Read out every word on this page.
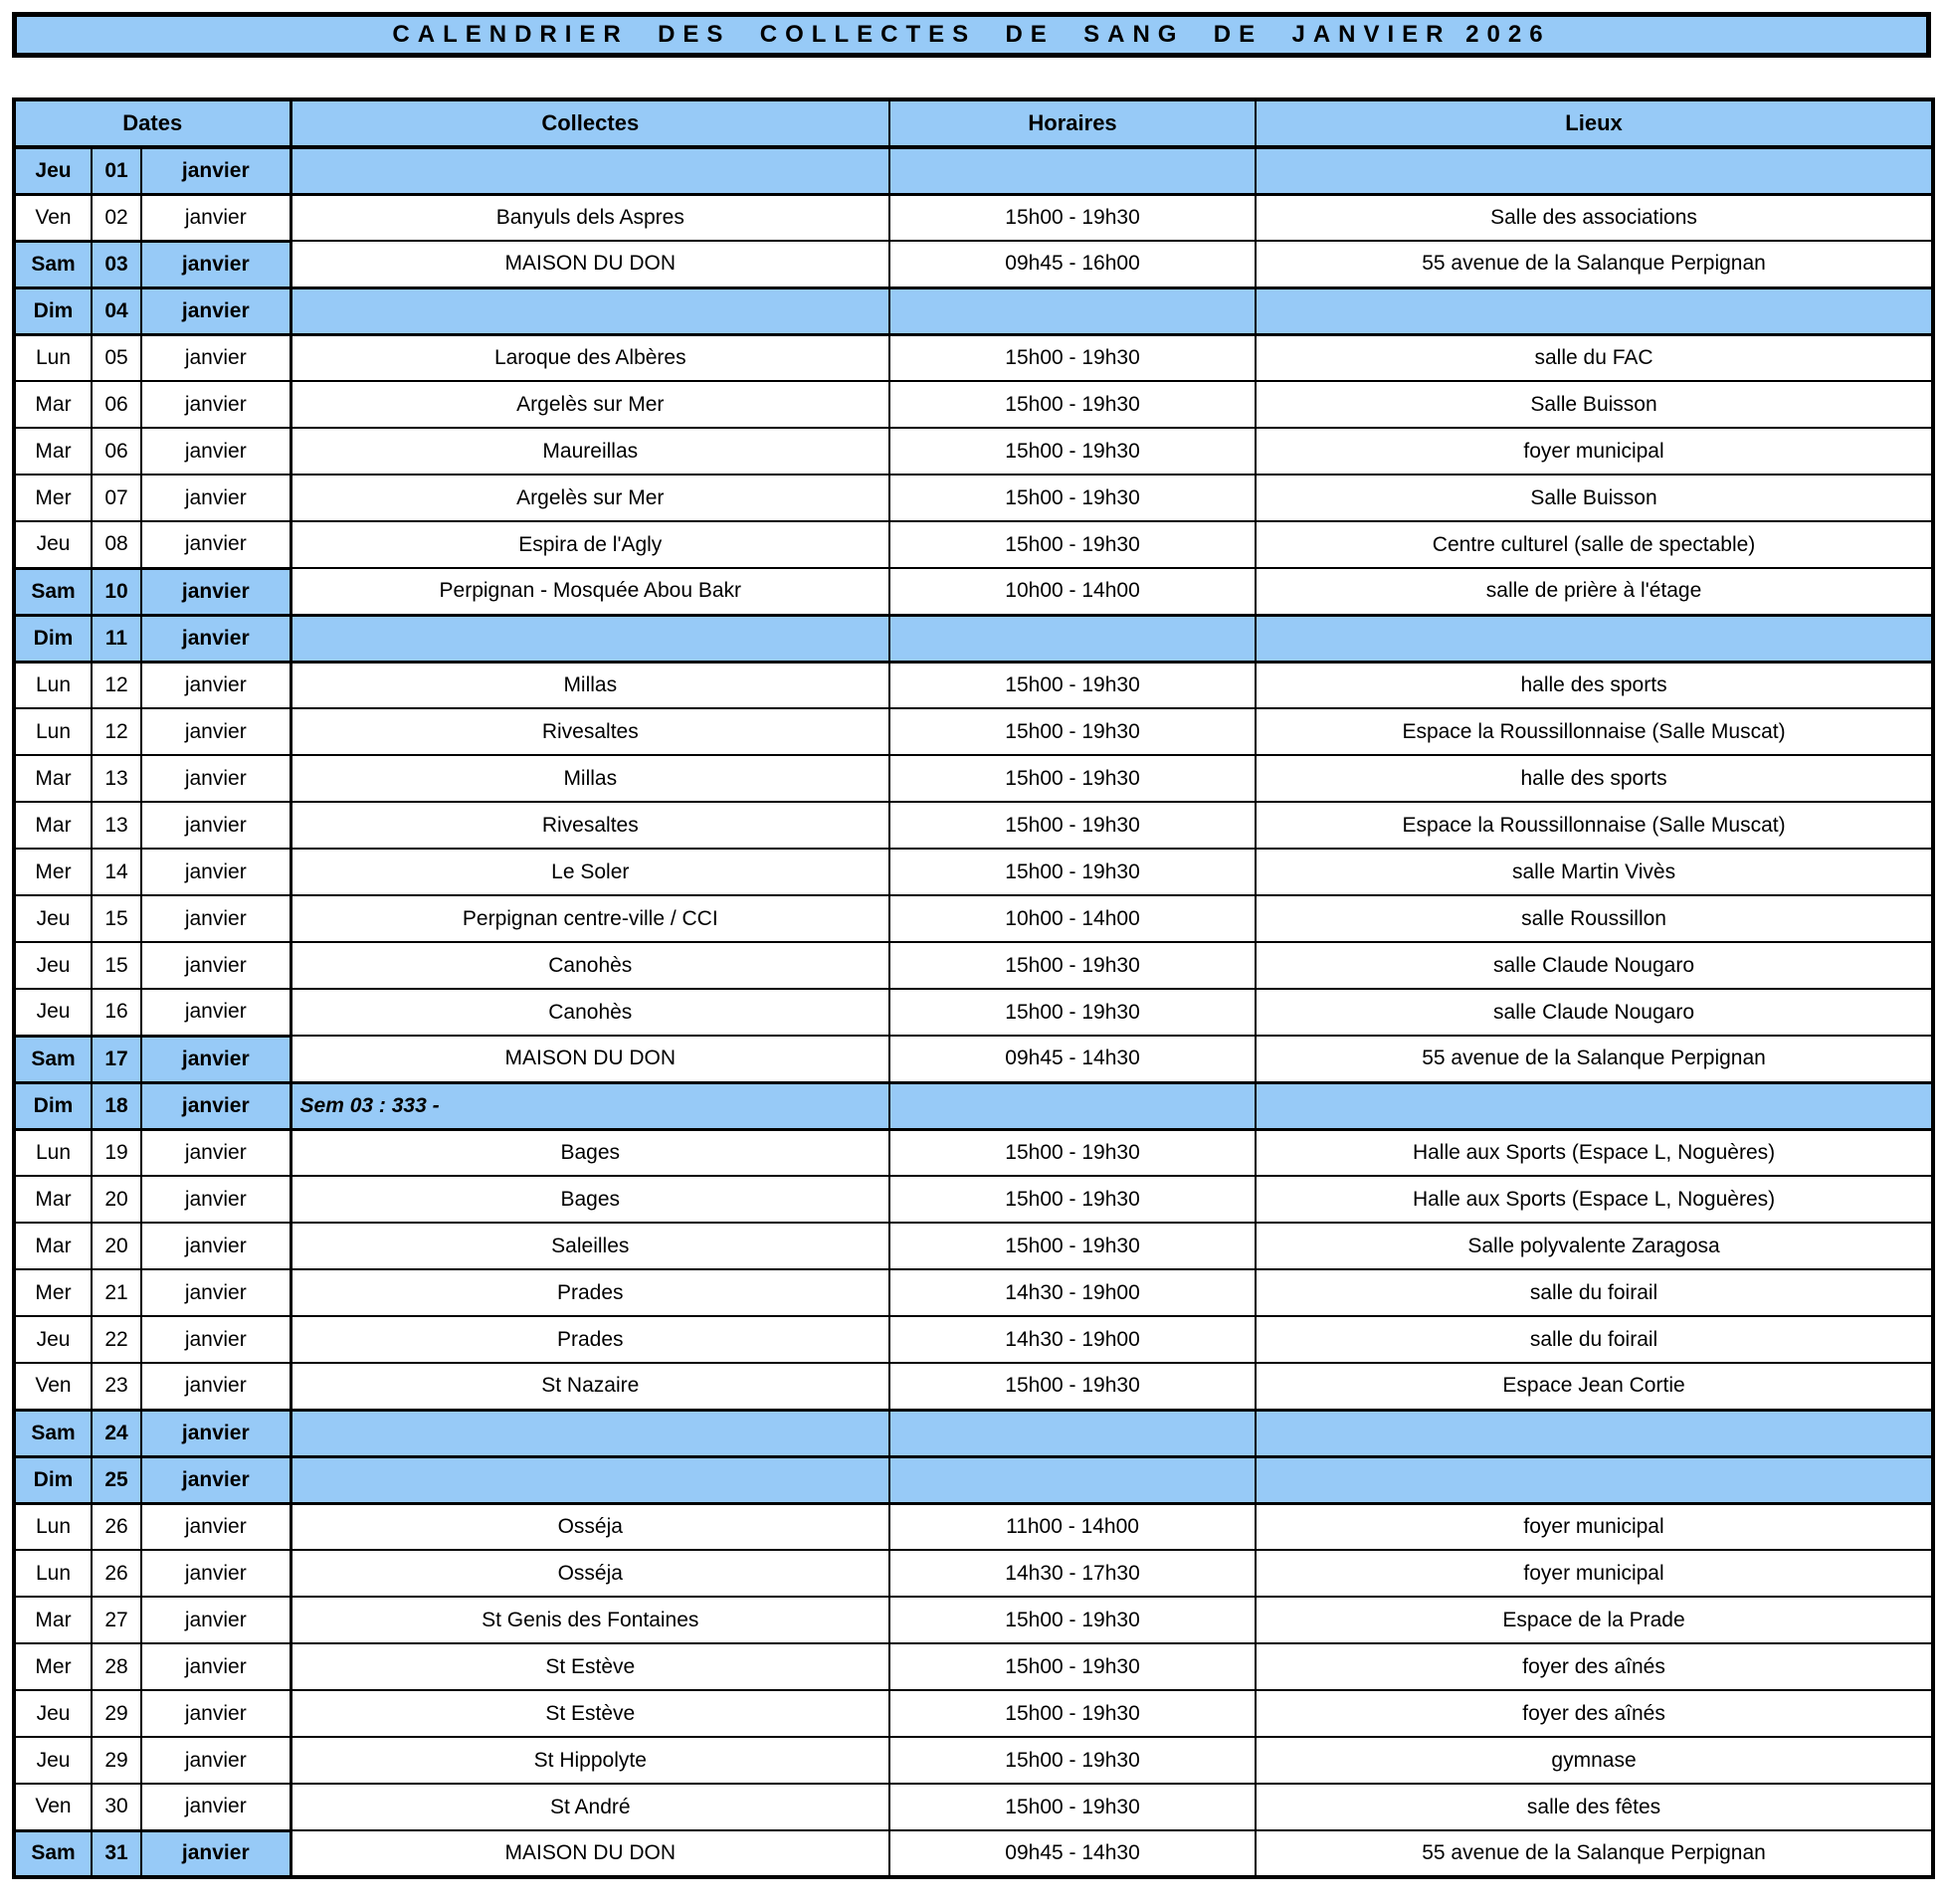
CALENDRIER  DES  COLLECTES  DE  SANG  DE  JANVIER 2026
Dates			Collectes	Horaires	Lieux
Jeu	01	janvier			
Ven	02	janvier	Banyuls dels Aspres	15h00 - 19h30	Salle des associations
Sam	03	janvier	MAISON DU DON	09h45 - 16h00	55 avenue de la Salanque Perpignan
Dim	04	janvier			
Lun	05	janvier	Laroque des Albères	15h00 - 19h30	salle du FAC
Mar	06	janvier	Argelès sur Mer	15h00 - 19h30	Salle Buisson
Mar	06	janvier	Maureillas	15h00 - 19h30	foyer municipal
Mer	07	janvier	Argelès sur Mer	15h00 - 19h30	Salle Buisson
Jeu	08	janvier	Espira de l'Agly	15h00 - 19h30	Centre culturel (salle de spectable)
Sam	10	janvier	Perpignan - Mosquée Abou Bakr	10h00 - 14h00	salle de prière à l'étage
Dim	11	janvier			
Lun	12	janvier	Millas	15h00 - 19h30	halle des sports
Lun	12	janvier	Rivesaltes	15h00 - 19h30	Espace la Roussillonnaise (Salle Muscat)
Mar	13	janvier	Millas	15h00 - 19h30	halle des sports
Mar	13	janvier	Rivesaltes	15h00 - 19h30	Espace la Roussillonnaise (Salle Muscat)
Mer	14	janvier	Le Soler	15h00 - 19h30	salle Martin Vivès
Jeu	15	janvier	Perpignan centre-ville / CCI	10h00 - 14h00	salle Roussillon
Jeu	15	janvier	Canohès	15h00 - 19h30	salle Claude Nougaro
Jeu	16	janvier	Canohès	15h00 - 19h30	salle Claude Nougaro
Sam	17	janvier	MAISON DU DON	09h45 - 14h30	55 avenue de la Salanque Perpignan
Dim	18	janvier	Sem 03 : 333 -		
Lun	19	janvier	Bages	15h00 - 19h30	Halle aux Sports (Espace L, Noguères)
Mar	20	janvier	Bages	15h00 - 19h30	Halle aux Sports (Espace L, Noguères)
Mar	20	janvier	Saleilles	15h00 - 19h30	Salle polyvalente Zaragosa
Mer	21	janvier	Prades	14h30 - 19h00	salle du foirail
Jeu	22	janvier	Prades	14h30 - 19h00	salle du foirail
Ven	23	janvier	St Nazaire	15h00 - 19h30	Espace Jean Cortie
Sam	24	janvier			
Dim	25	janvier			
Lun	26	janvier	Osséja	11h00 - 14h00	foyer municipal
Lun	26	janvier	Osséja	14h30 - 17h30	foyer municipal
Mar	27	janvier	St Genis des Fontaines	15h00 - 19h30	Espace de la Prade
Mer	28	janvier	St Estève	15h00 - 19h30	foyer des aînés
Jeu	29	janvier	St Estève	15h00 - 19h30	foyer des aînés
Jeu	29	janvier	St Hippolyte	15h00 - 19h30	gymnase
Ven	30	janvier	St André	15h00 - 19h30	salle des fêtes
Sam	31	janvier	MAISON DU DON	09h45 - 14h30	55 avenue de la Salanque Perpignan
